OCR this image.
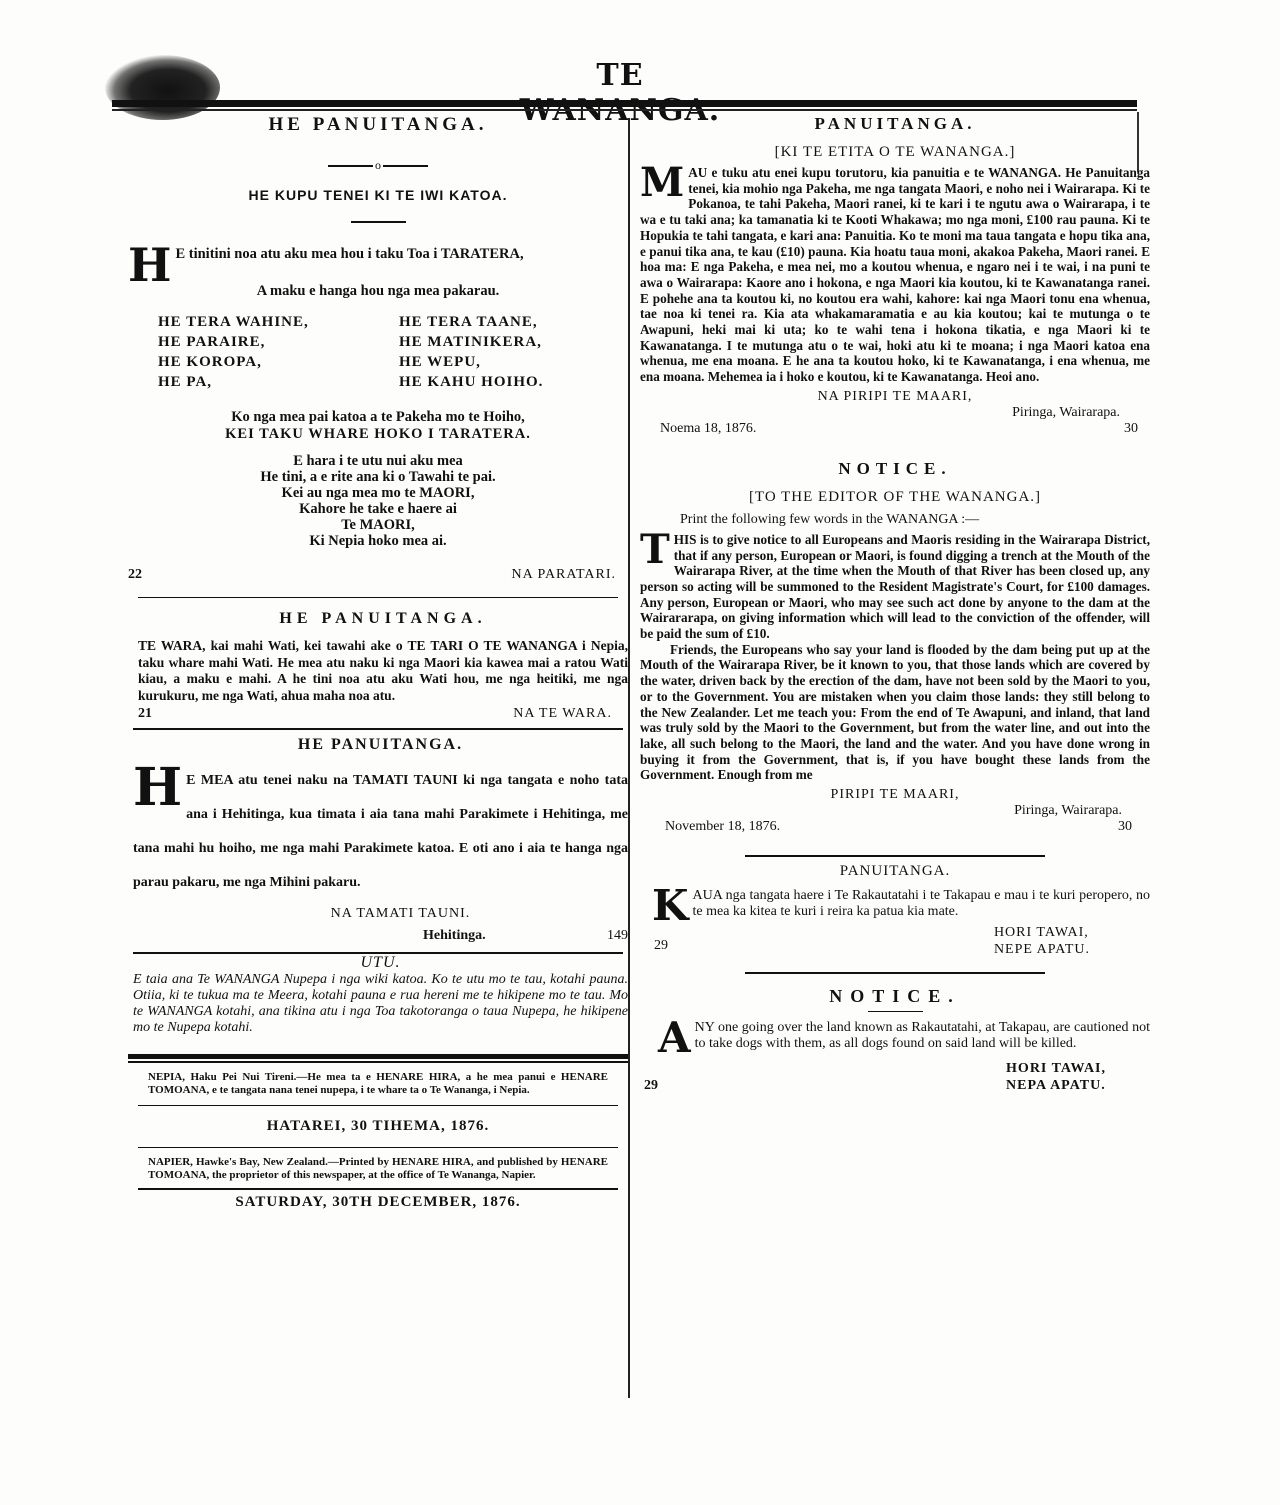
TE
HE PANUITANGA.
o
HE KUPU TENEI KI TE IWI KATOA.
H E tinitini noa atu aku mea hou i taku Toa i TARATERA,
A maku e hanga hou nga mea pakarau.
HE TERA WAHINE,	HE TERA TAANE,
HE PARAIRE,	HE MATINIKERA,
HE KOROPA,	HE WEPU,
HE PA,	HE KAHU HOIHO.
Ko nga mea pai katoa a te Pakeha mo te Hoiho,
KEI TAKU WHARE HOKO I TARATERA.
E hara i te utu nui aku mea
He tini, a e rite ana ki o Tawahi te pai.
Kei au nga mea mo te MAORI,
Kahore he take e haere ai
Te MAORI,
Ki Nepia hoko mea ai.
22	NA PARATARI.
HE PANUITANGA.
TE WARA, kai mahi Wati, kei tawahi ake o TE TARI O TE WANANGA i Nepia, taku whare mahi Wati. He mea atu naku ki nga Maori kia kawea mai a ratou Wati kiau, a maku e mahi. A he tini noa atu aku Wati hou, me nga heitiki, me nga kurukuru, me nga Wati, ahua maha noa atu.
21	NA TE WARA.
HE PANUITANGA.
H E MEA atu tenei naku na TAMATI TAUNI ki nga tangata e noho tata ana i Hehitinga, kua timata i aia tana mahi Parakimete i Hehitinga, me tana mahi hu hoiho, me nga mahi Parakimete katoa. E oti ano i aia te hanga nga parau pakaru, me nga Mihini pakaru.
NA TAMATI TAUNI.
Hehitinga.	149
UTU.
E taia ana Te WANANGA Nupepa i nga wiki katoa. Ko te utu mo te tau, kotahi pauna. Otiia, ki te tukua ma te Meera, kotahi pauna e rua hereni me te hikipene mo te tau. Mo te WANANGA kotahi, ana tikina atu i nga Toa takotoranga o taua Nupepa, he hikipene mo te Nupepa kotahi.
NEPIA, Haku Pei Nui Tireni.—He mea ta e HENARE HIRA, a he mea panui e HENARE TOMOANA, e te tangata nana tenei nupepa, i te whare ta o Te Wananga, i Nepia.
HATAREI, 30 TIHEMA, 1876.
NAPIER, Hawke's Bay, New Zealand.—Printed by HENARE HIRA, and published by HENARE TOMOANA, the proprietor of this newspaper, at the office of Te Wananga, Napier.
SATURDAY, 30TH DECEMBER, 1876.
PANUITANGA.
[KI TE ETITA O TE WANANGA.]
M AU e tuku atu enei kupu torutoru, kia panuitia e te WANANGA. He Panuitanga tenei, kia mohio nga Pakeha, me nga tangata Maori, e noho nei i Wairarapa. Ki te Pokanoa, te tahi Pakeha, Maori ranei, ki te kari i te ngutu awa o Wairarapa, i te wa e tu taki ana; ka tamanatia ki te Kooti Whakawa; mo nga moni, £100 rau pauna. Ki te Hopukia te tahi tangata, e kari ana: Panuitia. Ko te moni ma taua tangata e hopu tika ana, e panui tika ana, te kau (£10) pauna. Kia hoatu taua moni, akakoa Pakeha, Maori ranei. E hoa ma: E nga Pakeha, e mea nei, mo a koutou whenua, e ngaro nei i te wai, i na puni te awa o Wairarapa: Kaore ano i hokona, e nga Maori kia koutou, ki te Kawanatanga ranei. E pohehe ana ta koutou ki, no koutou era wahi, kahore: kai nga Maori tonu ena whenua, tae noa ki tenei ra. Kia ata whakamaramatia e au kia koutou; kai te mutunga o te Awapuni, heki mai ki uta; ko te wahi tena i hokona tikatia, e nga Maori ki te Kawanatanga. I te mutunga atu o te wai, hoki atu ki te moana; i nga Maori katoa ena whenua, me ena moana. E he ana ta koutou hoko, ki te Kawanatanga, i ena whenua, me ena moana. Mehemea ia i hoko e koutou, ki te Kawanatanga. Heoi ano.
NA PIRIPI TE MAARI,
Piringa, Wairarapa.
Noema 18, 1876.	30
NOTICE.
[TO THE EDITOR OF THE WANANGA.]
Print the following few words in the WANANGA :—
T HIS is to give notice to all Europeans and Maoris residing in the Wairarapa District, that if any person, European or Maori, is found digging a trench at the Mouth of the Wairarapa River, at the time when the Mouth of that River has been closed up, any person so acting will be summoned to the Resident Magistrate's Court, for £100 damages. Any person, European or Maori, who may see such act done by anyone to the dam at the Wairararapa, on giving information which will lead to the conviction of the offender, will be paid the sum of £10.
Friends, the Europeans who say your land is flooded by the dam being put up at the Mouth of the Wairarapa River, be it known to you, that those lands which are covered by the water, driven back by the erection of the dam, have not been sold by the Maori to you, or to the Government. You are mistaken when you claim those lands: they still belong to the New Zealander. Let me teach you: From the end of Te Awapuni, and inland, that land was truly sold by the Maori to the Government, but from the water line, and out into the lake, all such belong to the Maori, the land and the water. And you have done wrong in buying it from the Government, that is, if you have bought these lands from the Government. Enough from me
PIRIPI TE MAARI,
Piringa, Wairarapa.
November 18, 1876.	30
PANUITANGA.
K AUA nga tangata haere i Te Rakautatahi i te Takapau e mau i te kuri peropero, no te mea ka kitea te kuri i reira ka patua kia mate.
29
HORI TAWAI,
NEPE APATU.
NOTICE.
A NY one going over the land known as Rakautatahi, at Takapau, are cautioned not to take dogs with them, as all dogs found on said land will be killed.
29
HORI TAWAI,
NEPA APATU.
